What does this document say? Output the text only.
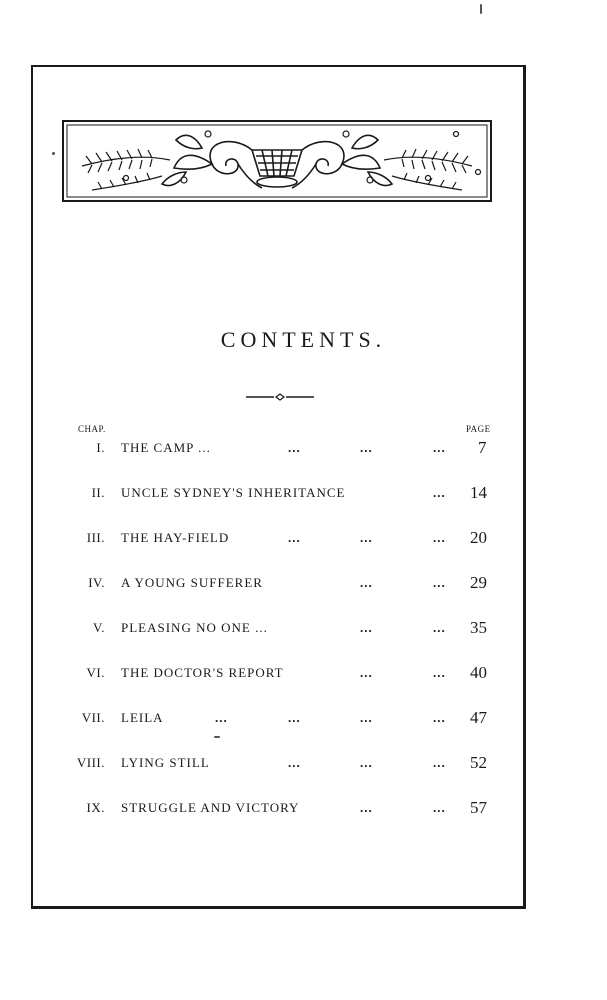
CONTENTS.
CHAP.	PAGE
I. THE CAMP ...	...	...	... 7
II. UNCLE SYDNEY'S INHERITANCE	... 14
III. THE HAY-FIELD	...	...	... 20
IV. A YOUNG SUFFERER	...	... 29
V. PLEASING NO ONE ...	...	... 35
VI. THE DOCTOR'S REPORT	...	... 40
VII. LEILA	...	...	...	... 47
VIII. LYING STILL	...	...	... 52
IX. STRUGGLE AND VICTORY	...	... 57
